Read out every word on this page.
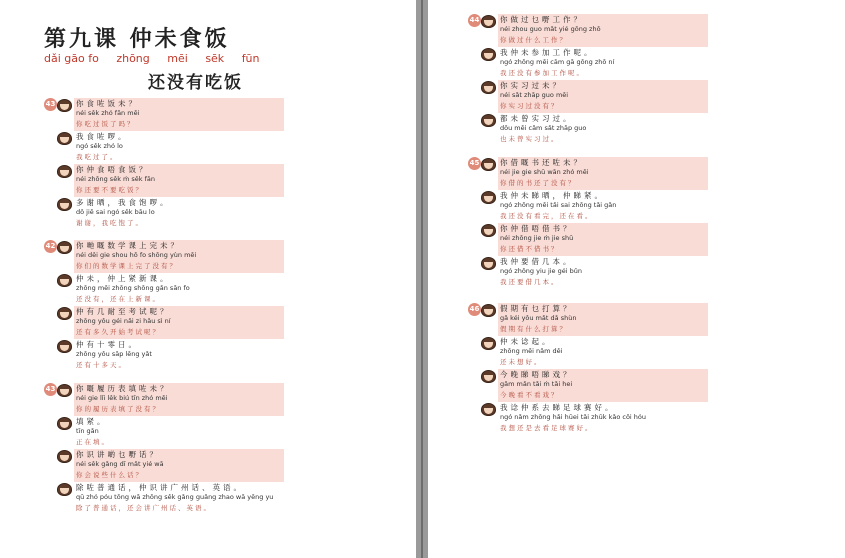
第九课 仲未食饭
dǎi gāo fo zhōng mēi sēk fūn
还没有吃饭
43	你食咗饭未？
néi sěk zhó fān mēi
你吃过饭了吗？
我食咗啰。
ngó sěk zhó lo
我吃过了。
你仲食唔食饭？
néi zhōng sěk ṁ sěk fān
你还要不要吃饭？
多谢晒，我食饱啰。
dō jiē sai ngó sěk bāu lo
谢谢，我吃饱了。
42	你哋嘅数学课上完未？
néi děi gie shou hō fo shōng yùn mēi
你们的数学课上完了没有？
仲未，仲上紧新课。
zhōng mēi zhōng shōng gǎn sān fo
还没有，还在上新课。
仲有几耐至考试呢？
zhōng yǒu géi nǎi zi hǎu sì ní
还有多久开始考试呢？
仲有十零日。
zhōng yǒu sāp lēng yǎt
还有十多天。
43	你嘅履历表填咗未？
néi gie lǐi lěk biú tīn zhó mēi
你的履历表填了没有？
填紧。
tīn gǎn
正在填。
你识讲啲乜嘢话？
néi sěk gǎng dī mǎt yié wā
你会说些什么话？
除咗普通话，仲识讲广州话、英语。
qū zhó póu tōng wā zhōng sěk gǎng guǎng zhao wā yēng yu
除了普通话，还会讲广州话、英语。
44	你做过乜嘢工作？
néi zhou guo mǎt yié gōng zhō
你做过什么工作？
我仲未参加工作呢。
ngó zhōng mēi cām gā gōng zhō ní
我还没有参加工作呢。
你实习过未？
néi sǎt zhāp guo mēi
你实习过没有？
都未曾实习过。
dōu mēi cǎm sǎt zhāp guo
也未曾实习过。
45	你借嘅书还咗未？
néi jie gie shū wān zhó mēi
你借的书还了没有？
我仲未睇晒，仲睇紧。
ngó zhōng mēi tǎi sai zhōng tǎi gǎn
我还没有看完，还在看。
你仲借唔借书？
néi zhōng jie ṁ jie shū
你还借不借书？
我仲要借几本。
ngó zhōng yiu jie géi bǔn
我还要借几本。
46	假期有乜打算？
gǎ kéi yǒu mǎt dǎ shùn
假期有什么打算？
仲未谂起。
zhōng mēi nǎm děi
还未想好。
今晚睇唔睇戏？
gǎm mǎn tǎi ṁ tǎi hei
今晚看不看戏？
我谂仲系去睇足球赛好。
ngó nǎm zhōng hǎi hūei tǎi zhūk kǎo cōi hóu
我想还是去看足球赛好。
